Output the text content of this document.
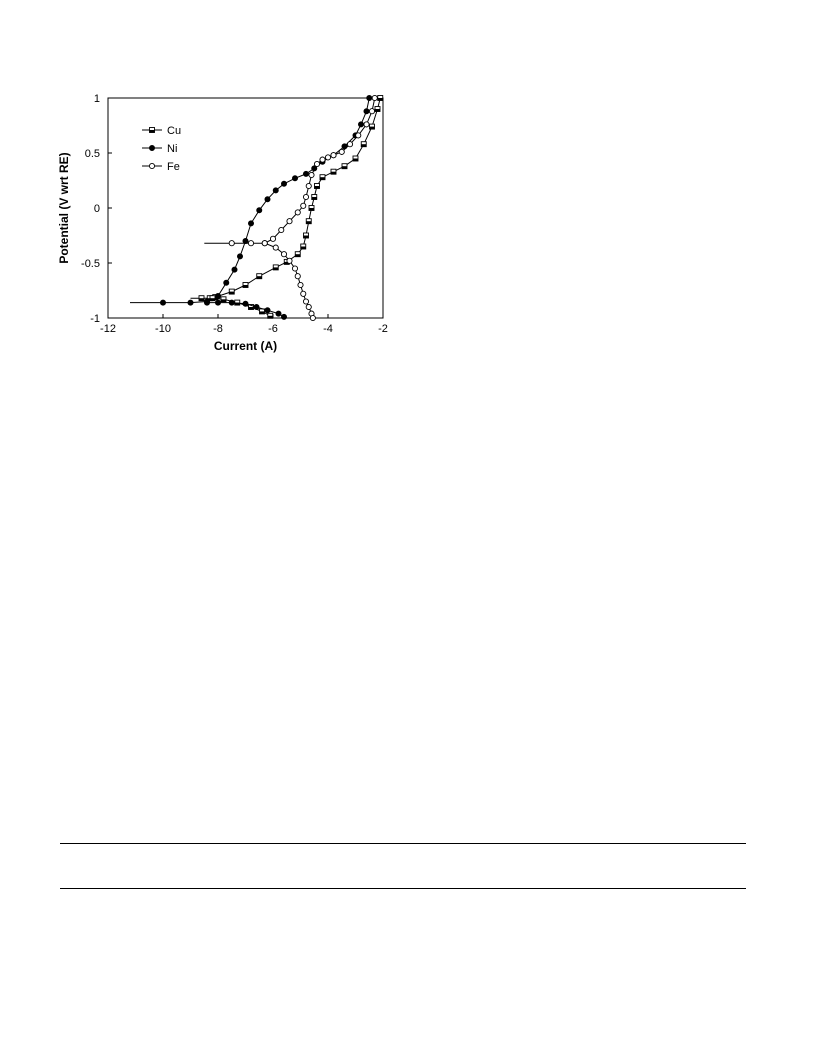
-12	-10	-8	-6	-4	-2
1
0.5
0
-0.5
-1
Cu
Ni
Fe
Current (A)
Potential (V wrt RE)
